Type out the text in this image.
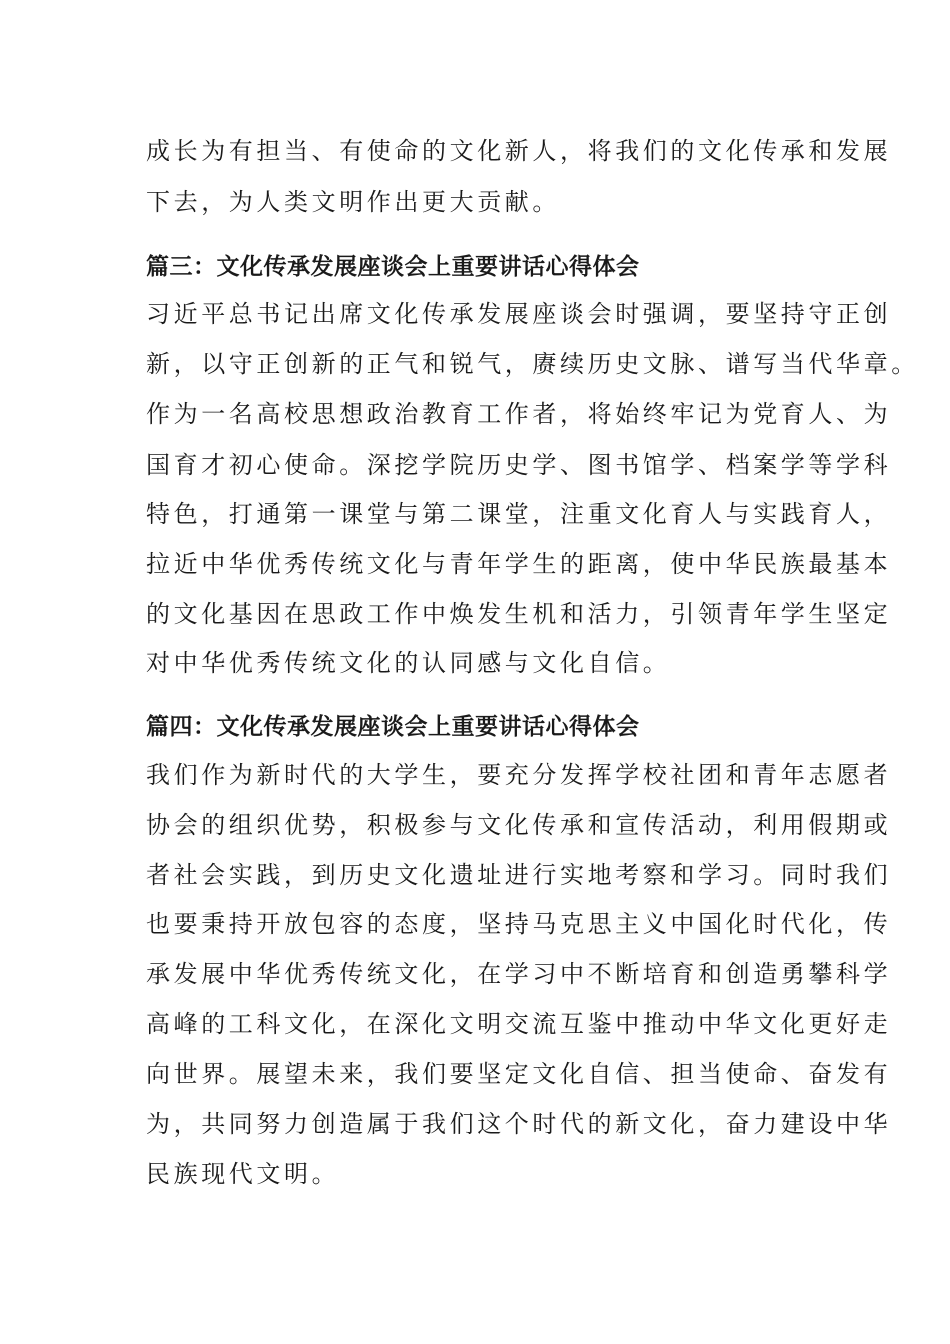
成长为有担当、有使命的文化新人，将我们的文化传承和发展
下去，为人类文明作出更大贡献。
篇三：文化传承发展座谈会上重要讲话心得体会
习近平总书记出席文化传承发展座谈会时强调，要坚持守正创
新，以守正创新的正气和锐气，赓续历史文脉、谱写当代华章。
作为一名高校思想政治教育工作者，将始终牢记为党育人、为
国育才初心使命。深挖学院历史学、图书馆学、档案学等学科
特色，打通第一课堂与第二课堂，注重文化育人与实践育人，
拉近中华优秀传统文化与青年学生的距离，使中华民族最基本
的文化基因在思政工作中焕发生机和活力，引领青年学生坚定
对中华优秀传统文化的认同感与文化自信。
篇四：文化传承发展座谈会上重要讲话心得体会
我们作为新时代的大学生，要充分发挥学校社团和青年志愿者
协会的组织优势，积极参与文化传承和宣传活动，利用假期或
者社会实践，到历史文化遗址进行实地考察和学习。同时我们
也要秉持开放包容的态度，坚持马克思主义中国化时代化，传
承发展中华优秀传统文化，在学习中不断培育和创造勇攀科学
高峰的工科文化，在深化文明交流互鉴中推动中华文化更好走
向世界。展望未来，我们要坚定文化自信、担当使命、奋发有
为，共同努力创造属于我们这个时代的新文化，奋力建设中华
民族现代文明。
